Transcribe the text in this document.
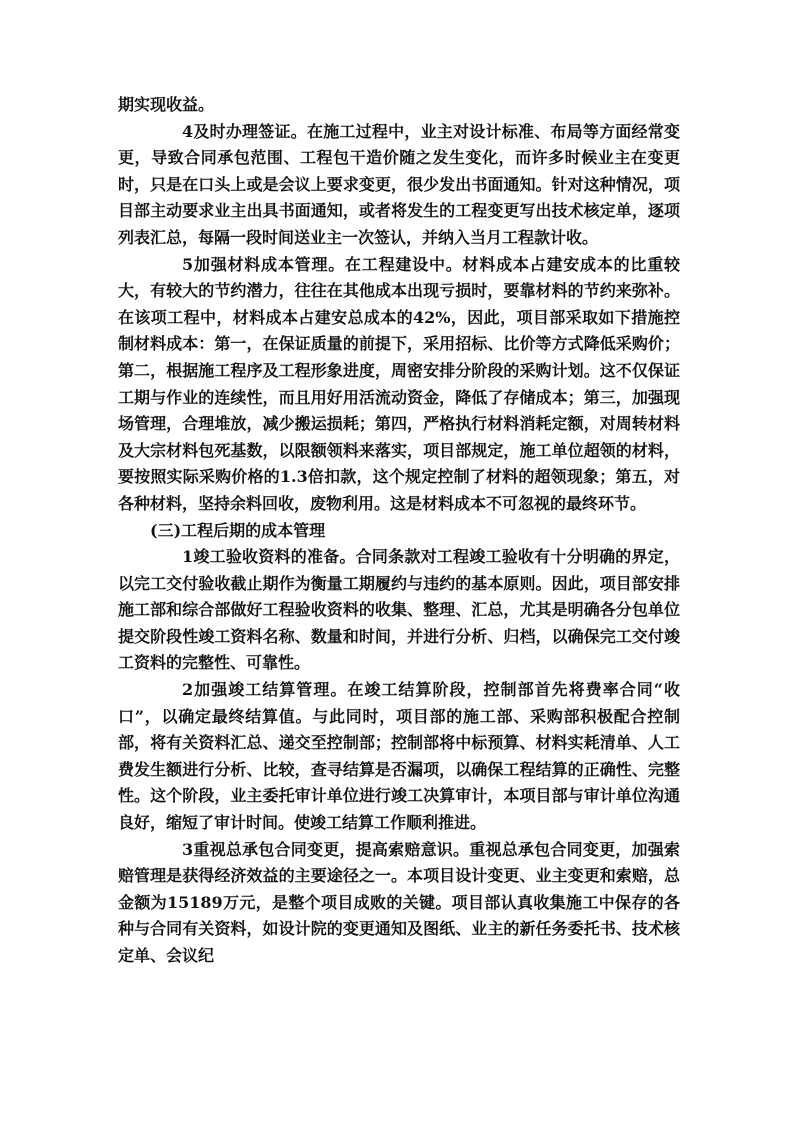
期实现收益。

4及时办理签证。在施工过程中，业主对设计标准、布局等方面经常变更，导致合同承包范围、工程包干造价随之发生变化，而许多时候业主在变更时，只是在口头上或是会议上要求变更，很少发出书面通知。针对这种情况，项目部主动要求业主出具书面通知，或者将发生的工程变更写出技术核定单，逐项列表汇总，每隔一段时间送业主一次签认，并纳入当月工程款计收。

5加强材料成本管理。在工程建设中。材料成本占建安成本的比重较大，有较大的节约潜力，往往在其他成本出现亏损时，要靠材料的节约来弥补。在该项工程中，材料成本占建安总成本的42%，因此，项目部采取如下措施控制材料成本：第一，在保证质量的前提下，采用招标、比价等方式降低采购价；第二，根据施工程序及工程形象进度，周密安排分阶段的采购计划。这不仅保证工期与作业的连续性，而且用好用活流动资金，降低了存储成本；第三，加强现场管理，合理堆放，减少搬运损耗；第四，严格执行材料消耗定额，对周转材料及大宗材料包死基数，以限额领料来落实，项目部规定，施工单位超领的材料，要按照实际采购价格的1.3倍扣款，这个规定控制了材料的超领现象；第五，对各种材料，坚持余料回收，废物利用。这是材料成本不可忽视的最终环节。

(三)工程后期的成本管理

1竣工验收资料的准备。合同条款对工程竣工验收有十分明确的界定，以完工交付验收截止期作为衡量工期履约与违约的基本原则。因此，项目部安排施工部和综合部做好工程验收资料的收集、整理、汇总，尤其是明确各分包单位提交阶段性竣工资料名称、数量和时间，并进行分析、归档，以确保完工交付竣工资料的完整性、可靠性。

2加强竣工结算管理。在竣工结算阶段，控制部首先将费率合同“收口”，以确定最终结算值。与此同时，项目部的施工部、采购部积极配合控制部，将有关资料汇总、递交至控制部；控制部将中标预算、材料实耗清单、人工费发生额进行分析、比较，查寻结算是否漏项，以确保工程结算的正确性、完整性。这个阶段，业主委托审计单位进行竣工决算审计，本项目部与审计单位沟通良好，缩短了审计时间。使竣工结算工作顺利推进。

3重视总承包合同变更，提高索赔意识。重视总承包合同变更，加强索赔管理是获得经济效益的主要途径之一。本项目设计变更、业主变更和索赔，总金额为15189万元，是整个项目成败的关键。项目部认真收集施工中保存的各种与合同有关资料，如设计院的变更通知及图纸、业主的新任务委托书、技术核定单、会议纪
